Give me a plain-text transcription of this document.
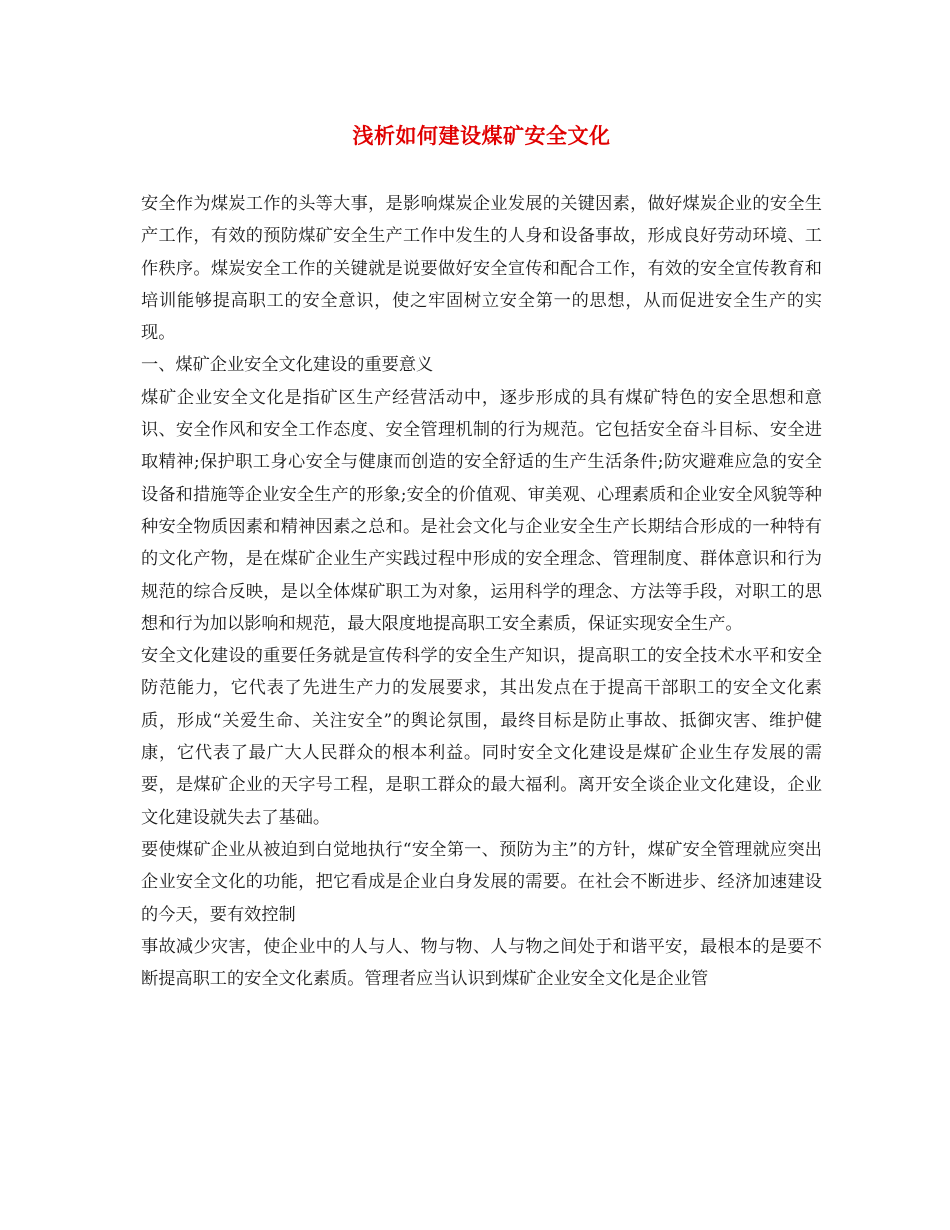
浅析如何建设煤矿安全文化

安全作为煤炭工作的头等大事，是影响煤炭企业发展的关键因素，做好煤炭企业的安全生产工作，有效的预防煤矿安全生产工作中发生的人身和设备事故，形成良好劳动环境、工作秩序。煤炭安全工作的关键就是说要做好安全宣传和配合工作，有效的安全宣传教育和培训能够提高职工的安全意识，使之牢固树立安全第一的思想，从而促进安全生产的实现。

一、煤矿企业安全文化建设的重要意义

煤矿企业安全文化是指矿区生产经营活动中，逐步形成的具有煤矿特色的安全思想和意识、安全作风和安全工作态度、安全管理机制的行为规范。它包括安全奋斗目标、安全进取精神;保护职工身心安全与健康而创造的安全舒适的生产生活条件;防灾避难应急的安全设备和措施等企业安全生产的形象;安全的价值观、审美观、心理素质和企业安全风貌等种种安全物质因素和精神因素之总和。是社会文化与企业安全生产长期结合形成的一种特有的文化产物，是在煤矿企业生产实践过程中形成的安全理念、管理制度、群体意识和行为规范的综合反映，是以全体煤矿职工为对象，运用科学的理念、方法等手段，对职工的思想和行为加以影响和规范，最大限度地提高职工安全素质，保证实现安全生产。

安全文化建设的重要任务就是宣传科学的安全生产知识，提高职工的安全技术水平和安全防范能力，它代表了先进生产力的发展要求，其出发点在于提高干部职工的安全文化素质，形成“关爱生命、关注安全”的舆论氛围，最终目标是防止事故、抵御灾害、维护健康，它代表了最广大人民群众的根本利益。同时安全文化建设是煤矿企业生存发展的需要，是煤矿企业的天字号工程，是职工群众的最大福利。离开安全谈企业文化建设，企业文化建设就失去了基础。

要使煤矿企业从被迫到白觉地执行“安全第一、预防为主”的方针，煤矿安全管理就应突出企业安全文化的功能，把它看成是企业白身发展的需要。在社会不断进步、经济加速建设的今天，要有效控制

事故减少灾害，使企业中的人与人、物与物、人与物之间处于和谐平安，最根本的是要不断提高职工的安全文化素质。管理者应当认识到煤矿企业安全文化是企业管
